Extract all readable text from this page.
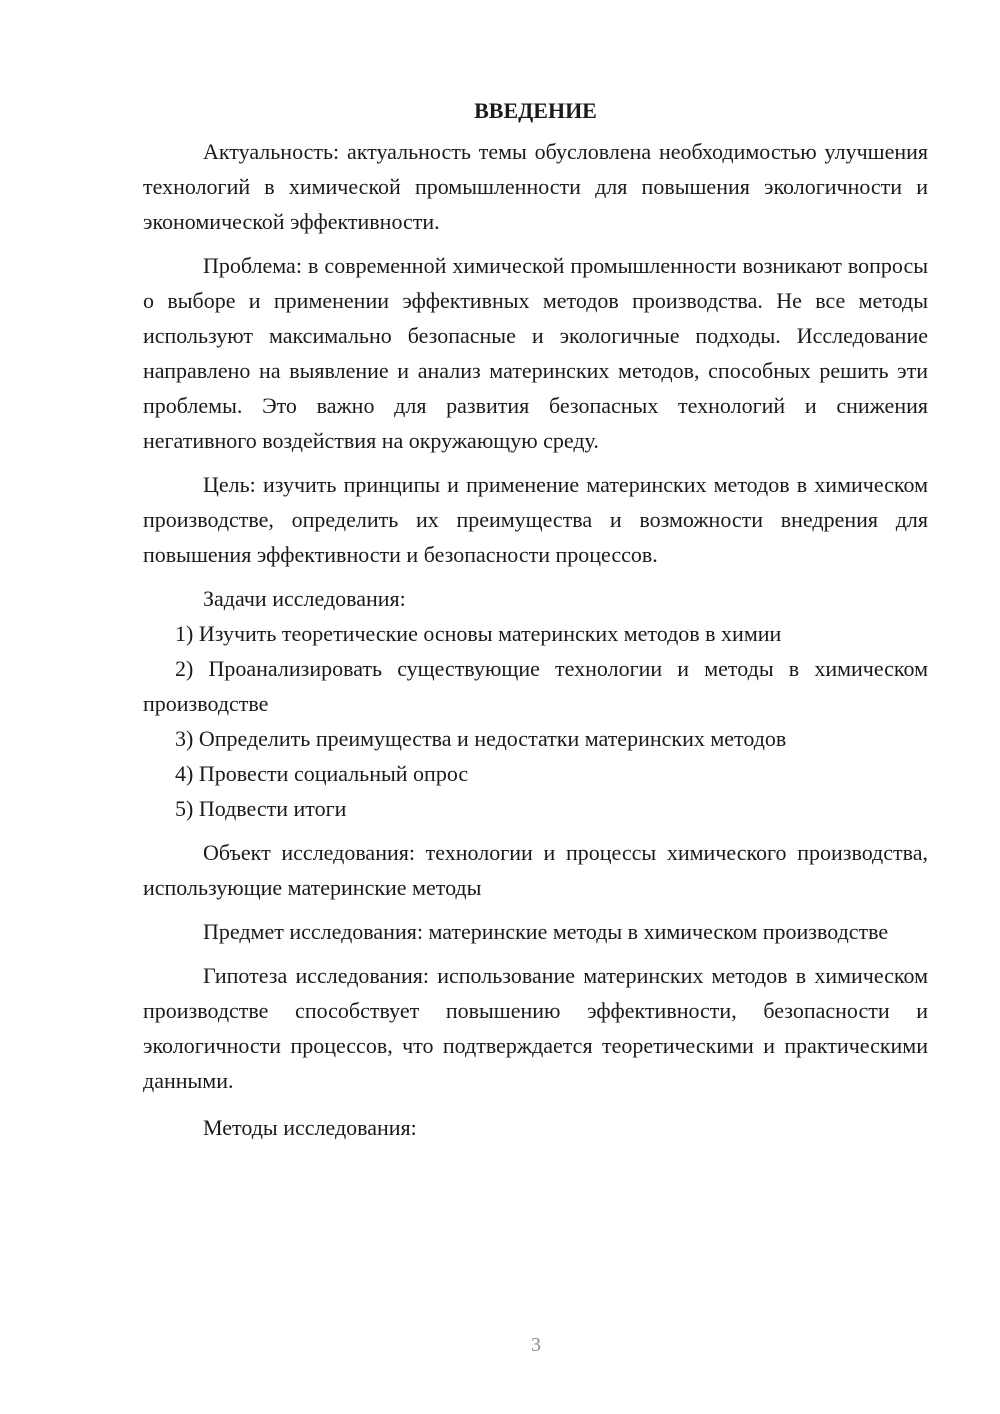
ВВЕДЕНИЕ

Актуальность: актуальность темы обусловлена необходимостью улучшения технологий в химической промышленности для повышения экологичности и экономической эффективности.

Проблема: в современной химической промышленности возникают вопросы о выборе и применении эффективных методов производства. Не все методы используют максимально безопасные и экологичные подходы. Исследование направлено на выявление и анализ материнских методов, способных решить эти проблемы. Это важно для развития безопасных технологий и снижения негативного воздействия на окружающую среду.

Цель: изучить принципы и применение материнских методов в химическом производстве, определить их преимущества и возможности внедрения для повышения эффективности и безопасности процессов.

Задачи исследования:

1) Изучить теоретические основы материнских методов в химии

2) Проанализировать существующие технологии и методы в химическом производстве

3) Определить преимущества и недостатки материнских методов

4) Провести социальный опрос

5) Подвести итоги

Объект исследования: технологии и процессы химического производства, использующие материнские методы

Предмет исследования: материнские методы в химическом производстве

Гипотеза исследования: использование материнских методов в химическом производстве способствует повышению эффективности, безопасности и экологичности процессов, что подтверждается теоретическими и практическими данными.

Методы исследования:

3
